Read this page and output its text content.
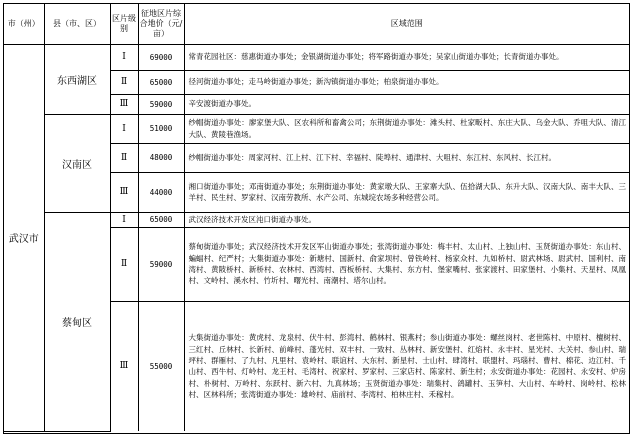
市（州）	县（市、区）	区片级别	征地区片综合地价（元/亩）	区域范围
武汉市	东西湖区	Ⅰ	69000	常青花园社区：慈惠街道办事处；金银湖街道办事处；将军路街道办事处；吴家山街道办事处；长青街道办事处。
		Ⅱ	65000	径河街道办事处；走马岭街道办事处；新沟镇街道办事处；柏泉街道办事处。
		Ⅲ	59000	辛安渡街道办事处。
	汉南区	Ⅰ	51000	纱帽街道办事处：廖家堡大队、区农科所和畜禽公司；东荆街道办事处：滩头村、杜家畈村、东庄大队、乌金大队、乔咀大队、清江大队、黄陵巷渔场。
		Ⅱ	48000	纱帽街道办事处：周家河村、江上村、江下村、幸福村、陡埠村、通津村、大咀村、东江村、东风村、长江村。
		Ⅲ	44000	湘口街道办事处；邓南街道办事处；东荆街道办事处：黄家墩大队、王家寨大队、伍拾湖大队、东升大队、汉南大队、南丰大队、三羊村、民生村、罗家村、汉南劳教所、水产公司、东城垸农场多种经营公司。
	蔡甸区	Ⅰ	65000	武汉经济技术开发区沌口街道办事处。
		Ⅱ	59000	蔡甸街道办事处；武汉经济技术开发区军山街道办事处；张湾街道办事处：梅丰村、太山村、上独山村、玉贤街道办事处：东山村、蝙蝠村、纪严村；大集街道办事处：新塘村、国新村、俞家坝村、曾铁岭村、杨家众村、九如桥村、尉武林场、尉武村、国利村、南湾村、黄陂桥村、新桥村、农林村、西湾村、西板桥村、大集村、东方村、堡家嘴村、张家渡村、田家堡村、小集村、天星村、凤凰村、文岭村、溪水村、竹圻村、曙光村、南潮村、塔尔山村。
		Ⅲ	55000	大集街道办事处：黄虎村、龙泉村、伏牛村、彭湾村、鹤林村、银燕村；参山街道办事处：螺丝岗村、老世陈村、中原村、檀树村、三红村、丘林村、长新村、前峰村、蓬光村、双丰村、一致村、丛林村、新安堡村、红焰村、永丰村、星光村、大关村、参山村、瑞坪村、群雁村、了九村、凡里村、袁岭村、联谊村、大东村、新星村、士山村、肆湾村、联盟村、玛瑙村、曹村、棉花、边江村、千山村、西牛村、灯岭村、龙王村、毛湾村、祝家村、罗家村、三家店村、陈家村、新生村；永安街道办事处：花园村、永安村、炉房村、朴树村、万岭村、东跃村、新六村、九真林场；玉贤街道办事处：瑞集村、鸽罐村、玉笋村、大山村、车岭村、岗岭村、松林村、区林科所；张湾街道办事处：雄岭村、庙前村、李湾村、柏林庄村、禾稼村。
